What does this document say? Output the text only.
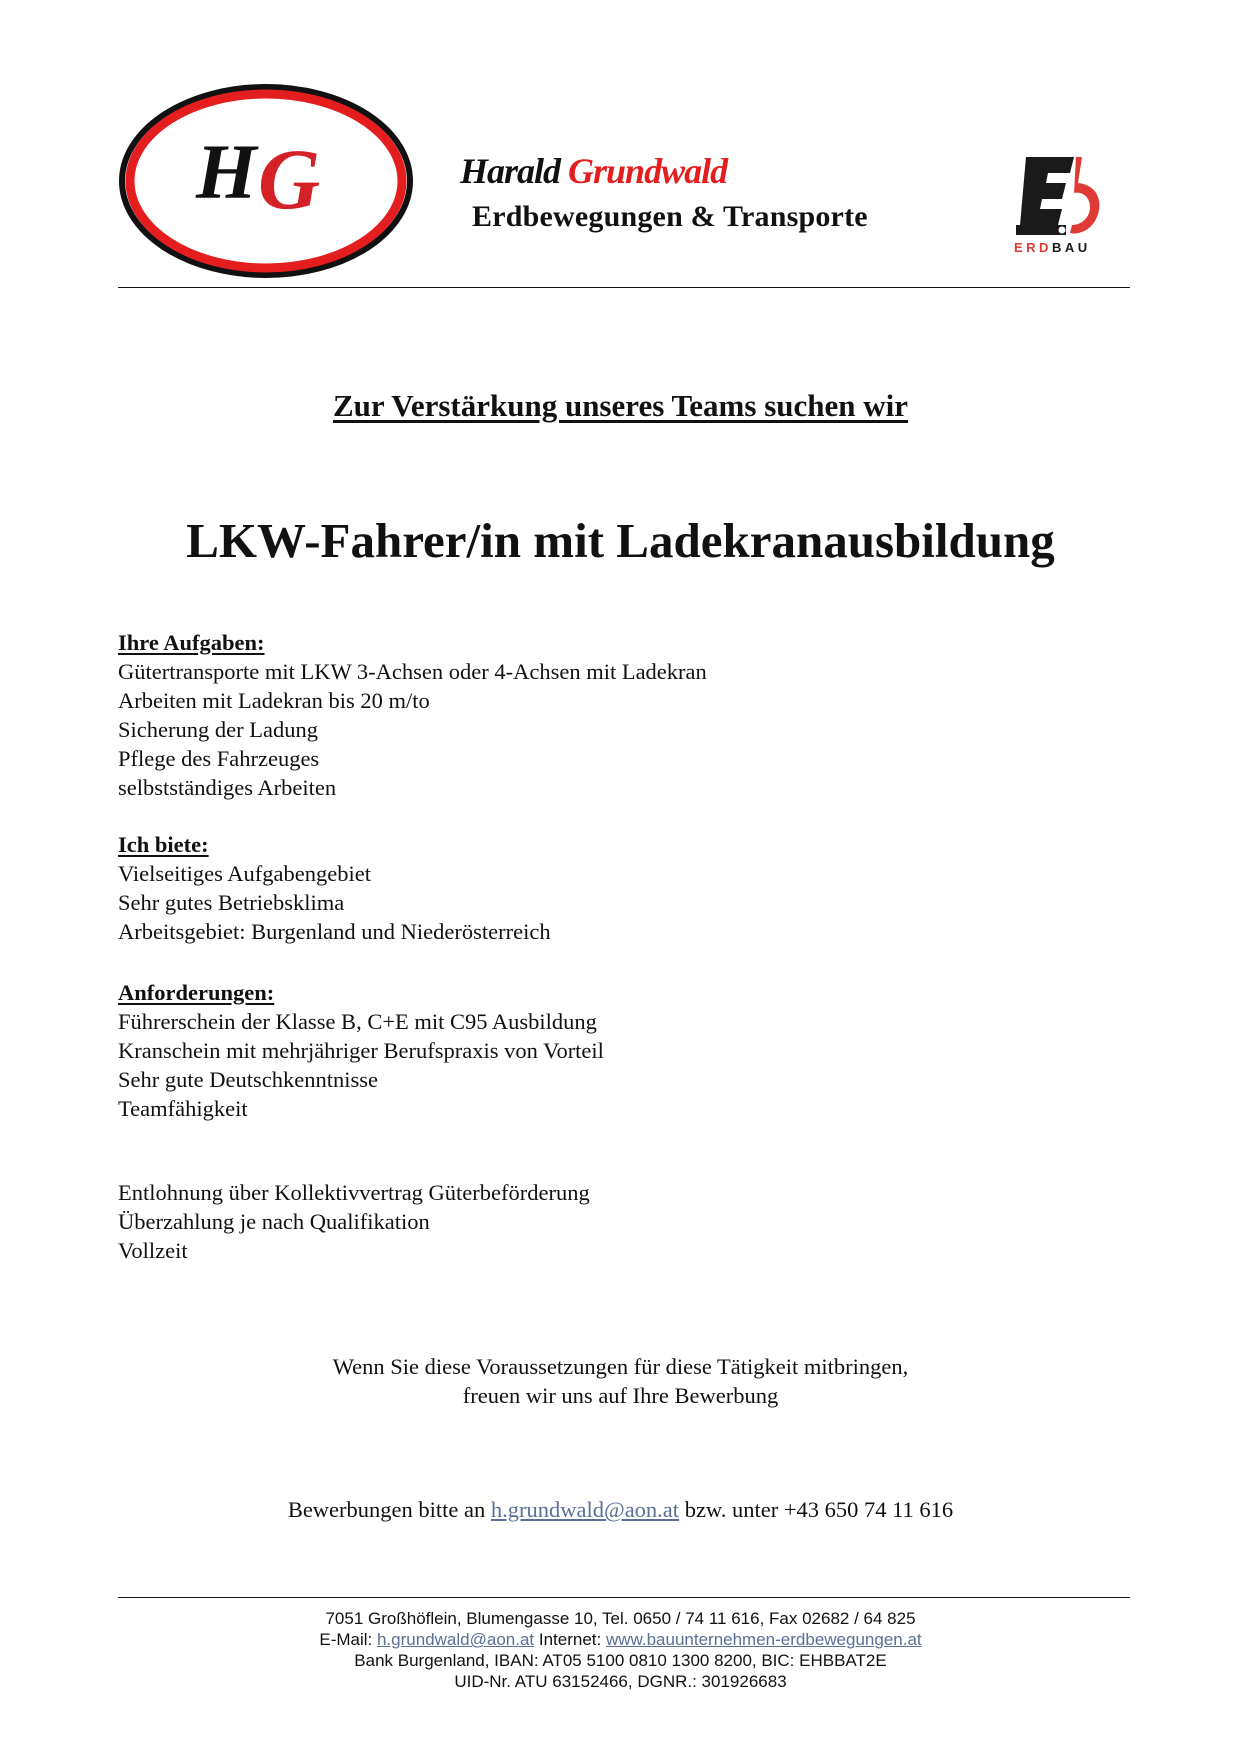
H G	Harald Grundwald
Erdbewegungen & Transporte
ERDBAU
Zur Verstärkung unseres Teams suchen wir
LKW-Fahrer/in mit Ladekranausbildung
Ihre Aufgaben:
Gütertransporte mit LKW 3-Achsen oder 4-Achsen mit Ladekran
Arbeiten mit Ladekran bis 20 m/to
Sicherung der Ladung
Pflege des Fahrzeuges
selbstständiges Arbeiten
Ich biete:
Vielseitiges Aufgabengebiet
Sehr gutes Betriebsklima
Arbeitsgebiet: Burgenland und Niederösterreich
Anforderungen:
Führerschein der Klasse B, C+E mit C95 Ausbildung
Kranschein mit mehrjähriger Berufspraxis von Vorteil
Sehr gute Deutschkenntnisse
Teamfähigkeit
Entlohnung über Kollektivvertrag Güterbeförderung
Überzahlung je nach Qualifikation
Vollzeit
Wenn Sie diese Voraussetzungen für diese Tätigkeit mitbringen,
freuen wir uns auf Ihre Bewerbung
Bewerbungen bitte an h.grundwald@aon.at bzw. unter +43 650 74 11 616
7051 Großhöflein, Blumengasse 10, Tel. 0650 / 74 11 616, Fax 02682 / 64 825
E-Mail: h.grundwald@aon.at Internet: www.bauunternehmen-erdbewegungen.at
Bank Burgenland, IBAN: AT05 5100 0810 1300 8200, BIC: EHBBAT2E
UID-Nr. ATU 63152466, DGNR.: 301926683
